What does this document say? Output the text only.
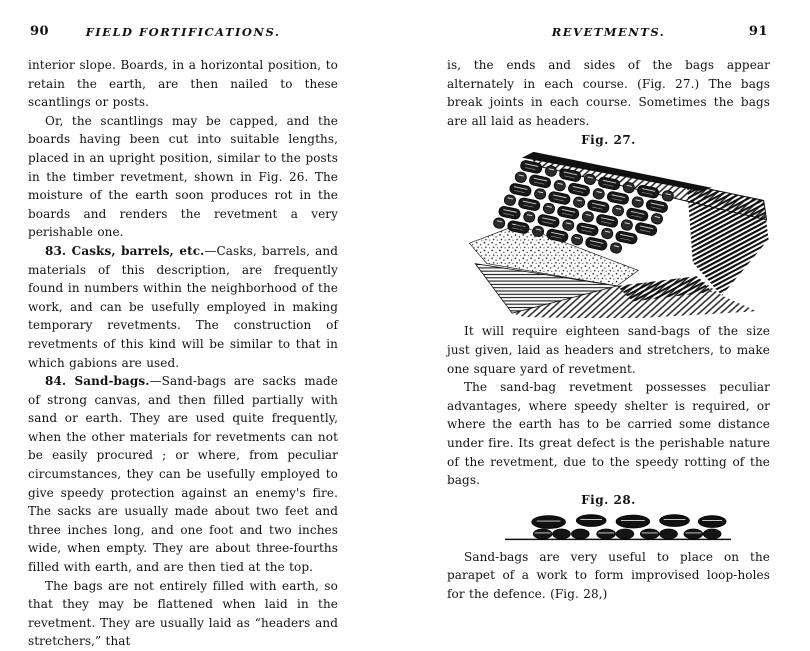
90	FIELD FORTIFICATIONS.

interior slope. Boards, in a horizontal position, to retain the earth, are then nailed to these scantlings or posts.

Or, the scantlings may be capped, and the boards having been cut into suitable lengths, placed in an upright position, similar to the posts in the timber revetment, shown in Fig. 26. The moisture of the earth soon produces rot in the boards and renders the revetment a very perishable one.

83. Casks, barrels, etc.—Casks, barrels, and materials of this description, are frequently found in numbers within the neighborhood of the work, and can be usefully employed in making temporary revetments. The construction of revetments of this kind will be similar to that in which gabions are used.

84. Sand-bags.—Sand-bags are sacks made of strong canvas, and then filled partially with sand or earth. They are used quite frequently, when the other materials for revetments can not be easily procured ; or where, from peculiar circumstances, they can be usefully employed to give speedy protection against an enemy's fire. The sacks are usually made about two feet and three inches long, and one foot and two inches wide, when empty. They are about three-fourths filled with earth, and are then tied at the top.

The bags are not entirely filled with earth, so that they may be flattened when laid in the revetment. They are usually laid as “headers and stretchers,” that

REVETMENTS.	91

is, the ends and sides of the bags appear alternately in each course. (Fig. 27.) The bags break joints in each course. Sometimes the bags are all laid as headers.

Fig. 27.

It will require eighteen sand-bags of the size just given, laid as headers and stretchers, to make one square yard of revetment.

The sand-bag revetment possesses peculiar advantages, where speedy shelter is required, or where the earth has to be carried some distance under fire. Its great defect is the perishable nature of the revetment, due to the speedy rotting of the bags.

Fig. 28.

Sand-bags are very useful to place on the parapet of a work to form improvised loop-holes for the defence. (Fig. 28,)
